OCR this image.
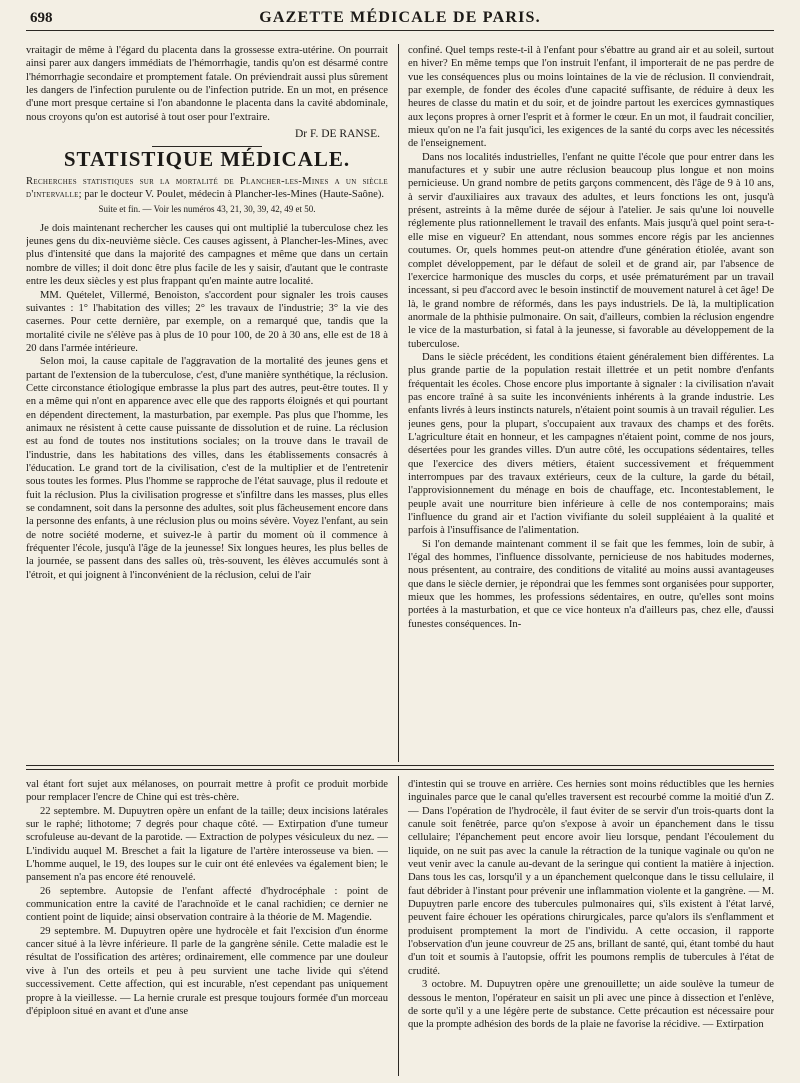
698	GAZETTE MÉDICALE DE PARIS.

vraitagir de même à l'égard du placenta dans la grossesse extra-utérine. On pourrait ainsi parer aux dangers immédiats de l'hémorrhagie, tandis qu'on est désarmé contre l'hémorrhagie secondaire et promptement fatale. On préviendrait aussi plus sûrement les dangers de l'infection purulente ou de l'infection putride. En un mot, en présence d'une mort presque certaine si l'on abandonne le placenta dans la cavité abdominale, nous croyons qu'on est autorisé à tout oser pour l'extraire.

Dr F. DE RANSE.

STATISTIQUE MÉDICALE.

Recherches statistiques sur la mortalité de Plancher-les-Mines a un siècle d'intervalle; par le docteur V. Poulet, médecin à Plancher-les-Mines (Haute-Saône).

Suite et fin. — Voir les numéros 43, 21, 30, 39, 42, 49 et 50.

Je dois maintenant rechercher les causes qui ont multiplié la tuberculose chez les jeunes gens du dix-neuvième siècle. Ces causes agissent, à Plancher-les-Mines, avec plus d'intensité que dans la majorité des campagnes et même que dans un certain nombre de villes; il doit donc être plus facile de les y saisir, d'autant que le contraste entre les deux siècles y est plus frappant qu'en mainte autre localité.

MM. Quételet, Villermé, Benoiston, s'accordent pour signaler les trois causes suivantes : 1° l'habitation des villes; 2° les travaux de l'industrie; 3° la vie des casernes. Pour cette dernière, par exemple, on a remarqué que, tandis que la mortalité civile ne s'élève pas à plus de 10 pour 100, de 20 à 30 ans, elle est de 18 à 20 dans l'armée intérieure.

Selon moi, la cause capitale de l'aggravation de la mortalité des jeunes gens et partant de l'extension de la tuberculose, c'est, d'une manière synthétique, la réclusion. Cette circonstance étiologique embrasse la plus part des autres, peut-être toutes. Il y en a même qui n'ont en apparence avec elle que des rapports éloignés et qui pourtant en dépendent directement, la masturbation, par exemple. Pas plus que l'homme, les animaux ne résistent à cette cause puissante de dissolution et de ruine. La réclusion est au fond de toutes nos institutions sociales; on la trouve dans le travail de l'industrie, dans les habitations des villes, dans les établissements consacrés à l'éducation. Le grand tort de la civilisation, c'est de la multiplier et de l'entretenir sous toutes les formes. Plus l'homme se rapproche de l'état sauvage, plus il redoute et fuit la réclusion. Plus la civilisation progresse et s'infiltre dans les masses, plus elles se condamnent, soit dans la personne des adultes, soit plus fâcheusement encore dans la personne des enfants, à une réclusion plus ou moins sévère. Voyez l'enfant, au sein de notre société moderne, et suivez-le à partir du moment où il commence à fréquenter l'école, jusqu'à l'âge de la jeunesse! Six longues heures, les plus belles de la journée, se passent dans des salles où, très-souvent, les élèves accumulés sont à l'étroit, et qui joignent à l'inconvénient de la réclusion, celui de l'air

confiné. Quel temps reste-t-il à l'enfant pour s'ébattre au grand air et au soleil, surtout en hiver? En même temps que l'on instruit l'enfant, il importerait de ne pas perdre de vue les conséquences plus ou moins lointaines de la vie de réclusion. Il conviendrait, par exemple, de fonder des écoles d'une capacité suffisante, de réduire à deux les heures de classe du matin et du soir, et de joindre partout les exercices gymnastiques aux leçons propres à orner l'esprit et à former le cœur. En un mot, il faudrait concilier, mieux qu'on ne l'a fait jusqu'ici, les exigences de la santé du corps avec les nécessités de l'enseignement.

Dans nos localités industrielles, l'enfant ne quitte l'école que pour entrer dans les manufactures et y subir une autre réclusion beaucoup plus longue et non moins pernicieuse. Un grand nombre de petits garçons commencent, dès l'âge de 9 à 10 ans, à servir d'auxiliaires aux travaux des adultes, et leurs fonctions les ont, jusqu'à présent, astreints à la même durée de séjour à l'atelier. Je sais qu'une loi nouvelle réglemente plus rationnellement le travail des enfants. Mais jusqu'à quel point sera-t-elle mise en vigueur? En attendant, nous sommes encore régis par les anciennes coutumes. Or, quels hommes peut-on attendre d'une génération étiolée, avant son complet développement, par le défaut de soleil et de grand air, par l'absence de l'exercice harmonique des muscles du corps, et usée prématurément par un travail incessant, si peu d'accord avec le besoin instinctif de mouvement naturel à cet âge! De là, le grand nombre de réformés, dans les pays industriels. De là, la multiplication anormale de la phthisie pulmonaire. On sait, d'ailleurs, combien la réclusion engendre le vice de la masturbation, si fatal à la jeunesse, si favorable au développement de la tuberculose.

Dans le siècle précédent, les conditions étaient généralement bien différentes. La plus grande partie de la population restait illettrée et un petit nombre d'enfants fréquentait les écoles. Chose encore plus importante à signaler : la civilisation n'avait pas encore traîné à sa suite les inconvénients inhérents à la grande industrie. Les enfants livrés à leurs instincts naturels, n'étaient point soumis à un travail régulier. Les jeunes gens, pour la plupart, s'occupaient aux travaux des champs et des forêts. L'agriculture était en honneur, et les campagnes n'étaient point, comme de nos jours, désertées pour les grandes villes. D'un autre côté, les occupations sédentaires, telles que l'exercice des divers métiers, étaient successivement et fréquemment interrompues par des travaux extérieurs, ceux de la culture, la garde du bétail, l'approvisionnement du ménage en bois de chauffage, etc. Incontestablement, le peuple avait une nourriture bien inférieure à celle de nos contemporains; mais l'influence du grand air et l'action vivifiante du soleil suppléaient à la qualité et parfois à l'insuffisance de l'alimentation.

Si l'on demande maintenant comment il se fait que les femmes, loin de subir, à l'égal des hommes, l'influence dissolvante, pernicieuse de nos habitudes modernes, nous présentent, au contraire, des conditions de vitalité au moins aussi avantageuses que dans le siècle dernier, je répondrai que les femmes sont organisées pour supporter, mieux que les hommes, les professions sédentaires, en outre, qu'elles sont moins portées à la masturbation, et que ce vice honteux n'a d'ailleurs pas, chez elle, d'aussi funestes conséquences. In-

val étant fort sujet aux mélanoses, on pourrait mettre à profit ce produit morbide pour remplacer l'encre de Chine qui est très-chère.

22 septembre. M. Dupuytren opère un enfant de la taille; deux incisions latérales sur le raphé; lithotome; 7 degrés pour chaque côté. — Extirpation d'une tumeur scrofuleuse au-devant de la parotide. — Extraction de polypes vésiculeux du nez. — L'individu auquel M. Breschet a fait la ligature de l'artère interosseuse va bien. — L'homme auquel, le 19, des loupes sur le cuir ont été enlevées va également bien; le pansement n'a pas encore été renouvelé.

26 septembre. Autopsie de l'enfant affecté d'hydrocéphale : point de communication entre la cavité de l'arachnoïde et le canal rachidien; ce dernier ne contient point de liquide; ainsi observation contraire à la théorie de M. Magendie.

29 septembre. M. Dupuytren opère une hydrocèle et fait l'excision d'un énorme cancer situé à la lèvre inférieure. Il parle de la gangrène sénile. Cette maladie est le résultat de l'ossification des artères; ordinairement, elle commence par une douleur vive à l'un des orteils et peu à peu survient une tache livide qui s'étend successivement. Cette affection, qui est incurable, n'est cependant pas uniquement propre à la vieillesse. — La hernie crurale est presque toujours formée d'un morceau d'épiploon situé en avant et d'une anse

d'intestin qui se trouve en arrière. Ces hernies sont moins réductibles que les hernies inguinales parce que le canal qu'elles traversent est recourbé comme la moitié d'un Z. — Dans l'opération de l'hydrocèle, il faut éviter de se servir d'un trois-quarts dont la canule soit fenêtrée, parce qu'on s'expose à avoir un épanchement dans le tissu cellulaire; l'épanchement peut encore avoir lieu lorsque, pendant l'écoulement du liquide, on ne suit pas avec la canule la rétraction de la tunique vaginale ou qu'on ne veut venir avec la canule au-devant de la seringue qui contient la matière à injection. Dans tous les cas, lorsqu'il y a un épanchement quelconque dans le tissu cellulaire, il faut débrider à l'instant pour prévenir une inflammation violente et la gangrène. — M. Dupuytren parle encore des tubercules pulmonaires qui, s'ils existent à l'état larvé, peuvent faire échouer les opérations chirurgicales, parce qu'alors ils s'enflamment et produisent promptement la mort de l'individu. A cette occasion, il rapporte l'observation d'un jeune couvreur de 25 ans, brillant de santé, qui, étant tombé du haut d'un toit et soumis à l'autopsie, offrit les poumons remplis de tubercules à l'état de crudité.

3 octobre. M. Dupuytren opère une grenouillette; un aide soulève la tumeur de dessous le menton, l'opérateur en saisit un pli avec une pince à dissection et l'enlève, de sorte qu'il y a une légère perte de substance. Cette précaution est nécessaire pour que la prompte adhésion des bords de la plaie ne favorise la récidive. — Extirpation
